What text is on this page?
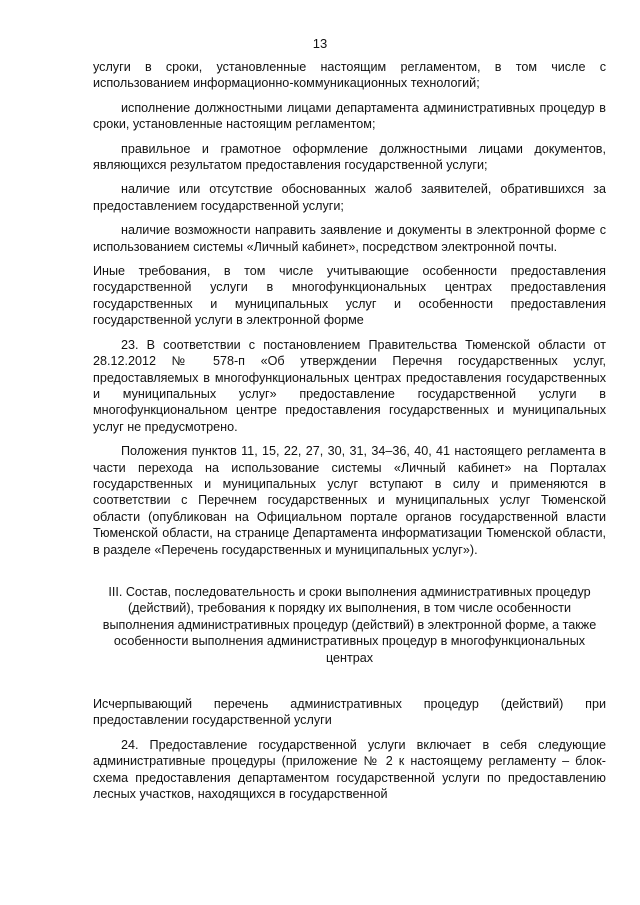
13

услуги в сроки, установленные настоящим регламентом, в том числе с использованием информационно-коммуникационных технологий;

исполнение должностными лицами департамента административных процедур в сроки, установленные настоящим регламентом;

правильное и грамотное оформление должностными лицами документов, являющихся результатом предоставления государственной услуги;

наличие или отсутствие обоснованных жалоб заявителей, обратившихся за предоставлением государственной услуги;

наличие возможности направить заявление и документы в электронной форме с использованием системы «Личный кабинет», посредством электронной почты.

Иные требования, в том числе учитывающие особенности предоставления государственной услуги в многофункциональных центрах предоставления государственных и муниципальных услуг и особенности предоставления государственной услуги в электронной форме

23. В соответствии с постановлением Правительства Тюменской области от 28.12.2012 № 578-п «Об утверждении Перечня государственных услуг, предоставляемых в многофункциональных центрах предоставления государственных и муниципальных услуг» предоставление государственной услуги в многофункциональном центре предоставления государственных и муниципальных услуг не предусмотрено.

Положения пунктов 11, 15, 22, 27, 30, 31, 34–36, 40, 41 настоящего регламента в части перехода на использование системы «Личный кабинет» на Порталах государственных и муниципальных услуг вступают в силу и применяются в соответствии с Перечнем государственных и муниципальных услуг Тюменской области (опубликован на Официальном портале органов государственной власти Тюменской области, на странице Департамента информатизации Тюменской области, в разделе «Перечень государственных и муниципальных услуг»).

III. Состав, последовательность и сроки выполнения административных процедур (действий), требования к порядку их выполнения, в том числе особенности выполнения административных процедур (действий) в электронной форме, а также особенности выполнения административных процедур в многофункциональных центрах

Исчерпывающий перечень административных процедур (действий) при предоставлении государственной услуги

24. Предоставление государственной услуги включает в себя следующие административные процедуры (приложение № 2 к настоящему регламенту – блок-схема предоставления департаментом государственной услуги по предоставлению лесных участков, находящихся в государственной
